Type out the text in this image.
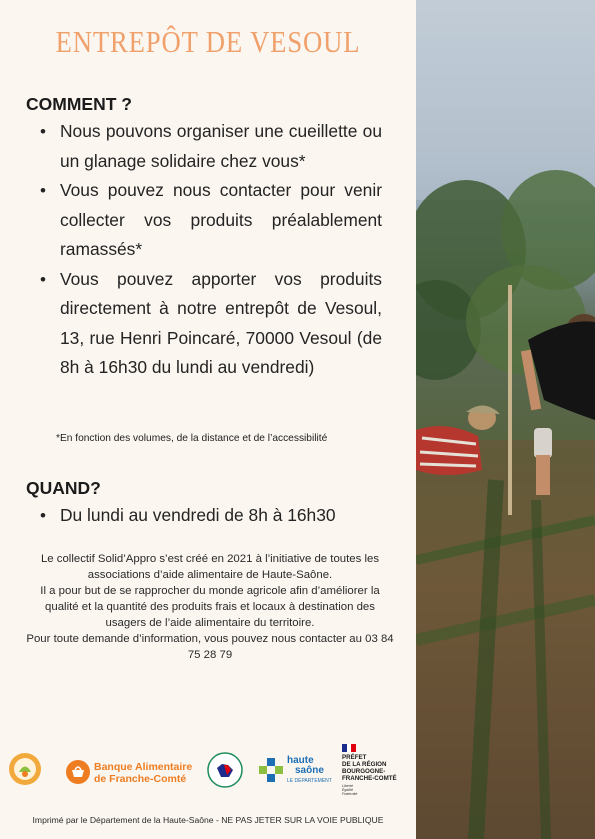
ENTREPÔT DE VESOUL
COMMENT ?
• Nous pouvons organiser une cueillette ou un glanage solidaire chez vous*
• Vous pouvez nous contacter pour venir collecter vos produits préalablement ramassés*
• Vous pouvez apporter vos produits directement à notre entrepôt de Vesoul, 13, rue Henri Poincaré, 70000 Vesoul (de 8h à 16h30 du lundi au vendredi)
*En fonction des volumes, de la distance et de l’accessibilité
QUAND?
• Du lundi au vendredi de 8h à 16h30

Le collectif Solid’Appro s’est créé en 2021 à l’initiative de toutes les associations d’aide alimentaire de Haute-Saône.

Il a pour but de se rapprocher du monde agricole afin d’améliorer la qualité et la quantité des produits frais et locaux à destination des usagers de l’aide alimentaire du territoire.

Pour toute demande d’information, vous pouvez nous contacter au 03 84 75 28 79

Banque Alimentaire
de Franche-Comté
haute
saône
LE DÉPARTEMENT
PRÉFET
DE LA RÉGION
BOURGOGNE-
FRANCHE-COMTÉ
Liberté Égalité Fraternité
Imprimé par le Département de la Haute-Saône - NE PAS JETER SUR LA VOIE PUBLIQUE
